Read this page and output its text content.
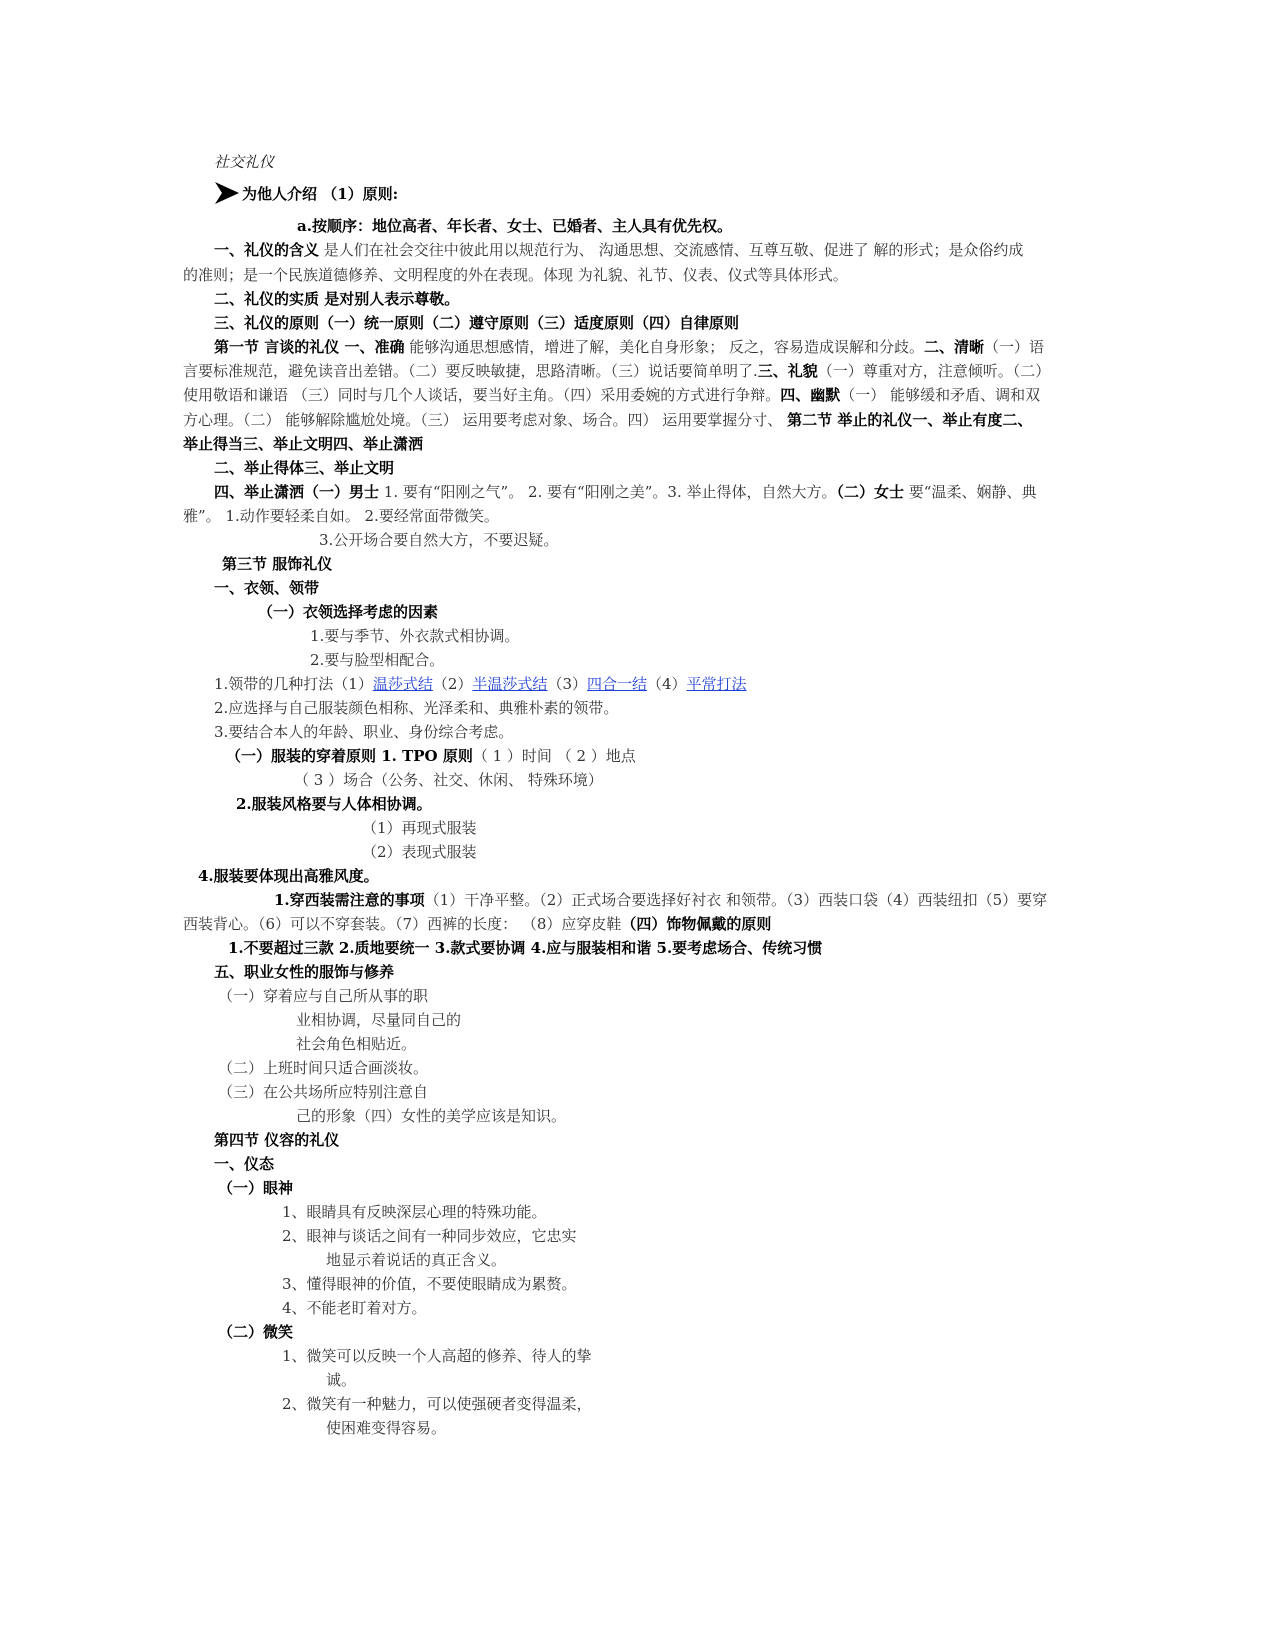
社交礼仪
为他人介绍 （1）原则:
a.按顺序：地位高者、年长者、女士、已婚者、主人具有优先权。
一、礼仪的含义 是人们在社会交往中彼此用以规范行为、 沟通思想、交流感情、互尊互敬、促进了 解的形式；是众俗约成
的准则；是一个民族道德修养、文明程度的外在表现。体现 为礼貌、礼节、仪表、仪式等具体形式。
二、礼仪的实质 是对别人表示尊敬。
三、礼仪的原则（一）统一原则（二）遵守原则（三）适度原则（四）自律原则
第一节 言谈的礼仪 一、准确 能够沟通思想感情，增进了解，美化自身形象； 反之，容易造成误解和分歧。二、清晰（一）语
言要标准规范，避免读音出差错。（二）要反映敏捷，思路清晰。（三）说话要简单明了.三、礼貌（一）尊重对方，注意倾听。（二）
使用敬语和谦语 （三）同时与几个人谈话，要当好主角。（四）采用委婉的方式进行争辩。四、幽默（一） 能够缓和矛盾、调和双
方心理。（二） 能够解除尴尬处境。（三） 运用要考虑对象、场合。四） 运用要掌握分寸、 第二节 举止的礼仪一、举止有度二、
举止得当三、举止文明四、举止潇洒
二、举止得体三、举止文明
四、举止潇洒（一）男士 1. 要有“阳刚之气”。 2. 要有“阳刚之美”。3. 举止得体，自然大方。（二）女士 要“温柔、娴静、典
雅”。 1.动作要轻柔自如。 2.要经常面带微笑。
3.公开场合要自然大方，不要迟疑。
第三节 服饰礼仪
一、衣领、领带
（一）衣领选择考虑的因素
1.要与季节、外衣款式相协调。
2.要与脸型相配合。
1.领带的几种打法（1）温莎式结（2）半温莎式结（3）四合一结（4）平常打法
2.应选择与自己服装颜色相称、光泽柔和、典雅朴素的领带。
3.要结合本人的年龄、职业、身份综合考虑。
（一）服装的穿着原则 1. TPO 原则（ 1 ）时间 （ 2 ）地点
（ 3 ）场合（公务、社交、休闲、 特殊环境）
2.服装风格要与人体相协调。
（1）再现式服装
（2）表现式服装
4.服装要体现出高雅风度。
1.穿西装需注意的事项（1）干净平整。（2）正式场合要选择好衬衣 和领带。（3）西装口袋（4）西装纽扣（5）要穿
西装背心。（6）可以不穿套装。（7）西裤的长度： （8）应穿皮鞋（四）饰物佩戴的原则
1.不要超过三款 2.质地要统一 3.款式要协调 4.应与服装相和谐 5.要考虑场合、传统习惯
五、职业女性的服饰与修养
（一）穿着应与自己所从事的职
业相协调，尽量同自己的
社会角色相贴近。
（二）上班时间只适合画淡妆。
（三）在公共场所应特别注意自
己的形象（四）女性的美学应该是知识。
第四节 仪容的礼仪
一、仪态
（一）眼神
1、眼睛具有反映深层心理的特殊功能。
2、眼神与谈话之间有一种同步效应，它忠实
地显示着说话的真正含义。
3、懂得眼神的价值，不要使眼睛成为累赘。
4、不能老盯着对方。
（二）微笑
1、微笑可以反映一个人高超的修养、待人的挚
诚。
2、微笑有一种魅力，可以使强硬者变得温柔，
使困难变得容易。
